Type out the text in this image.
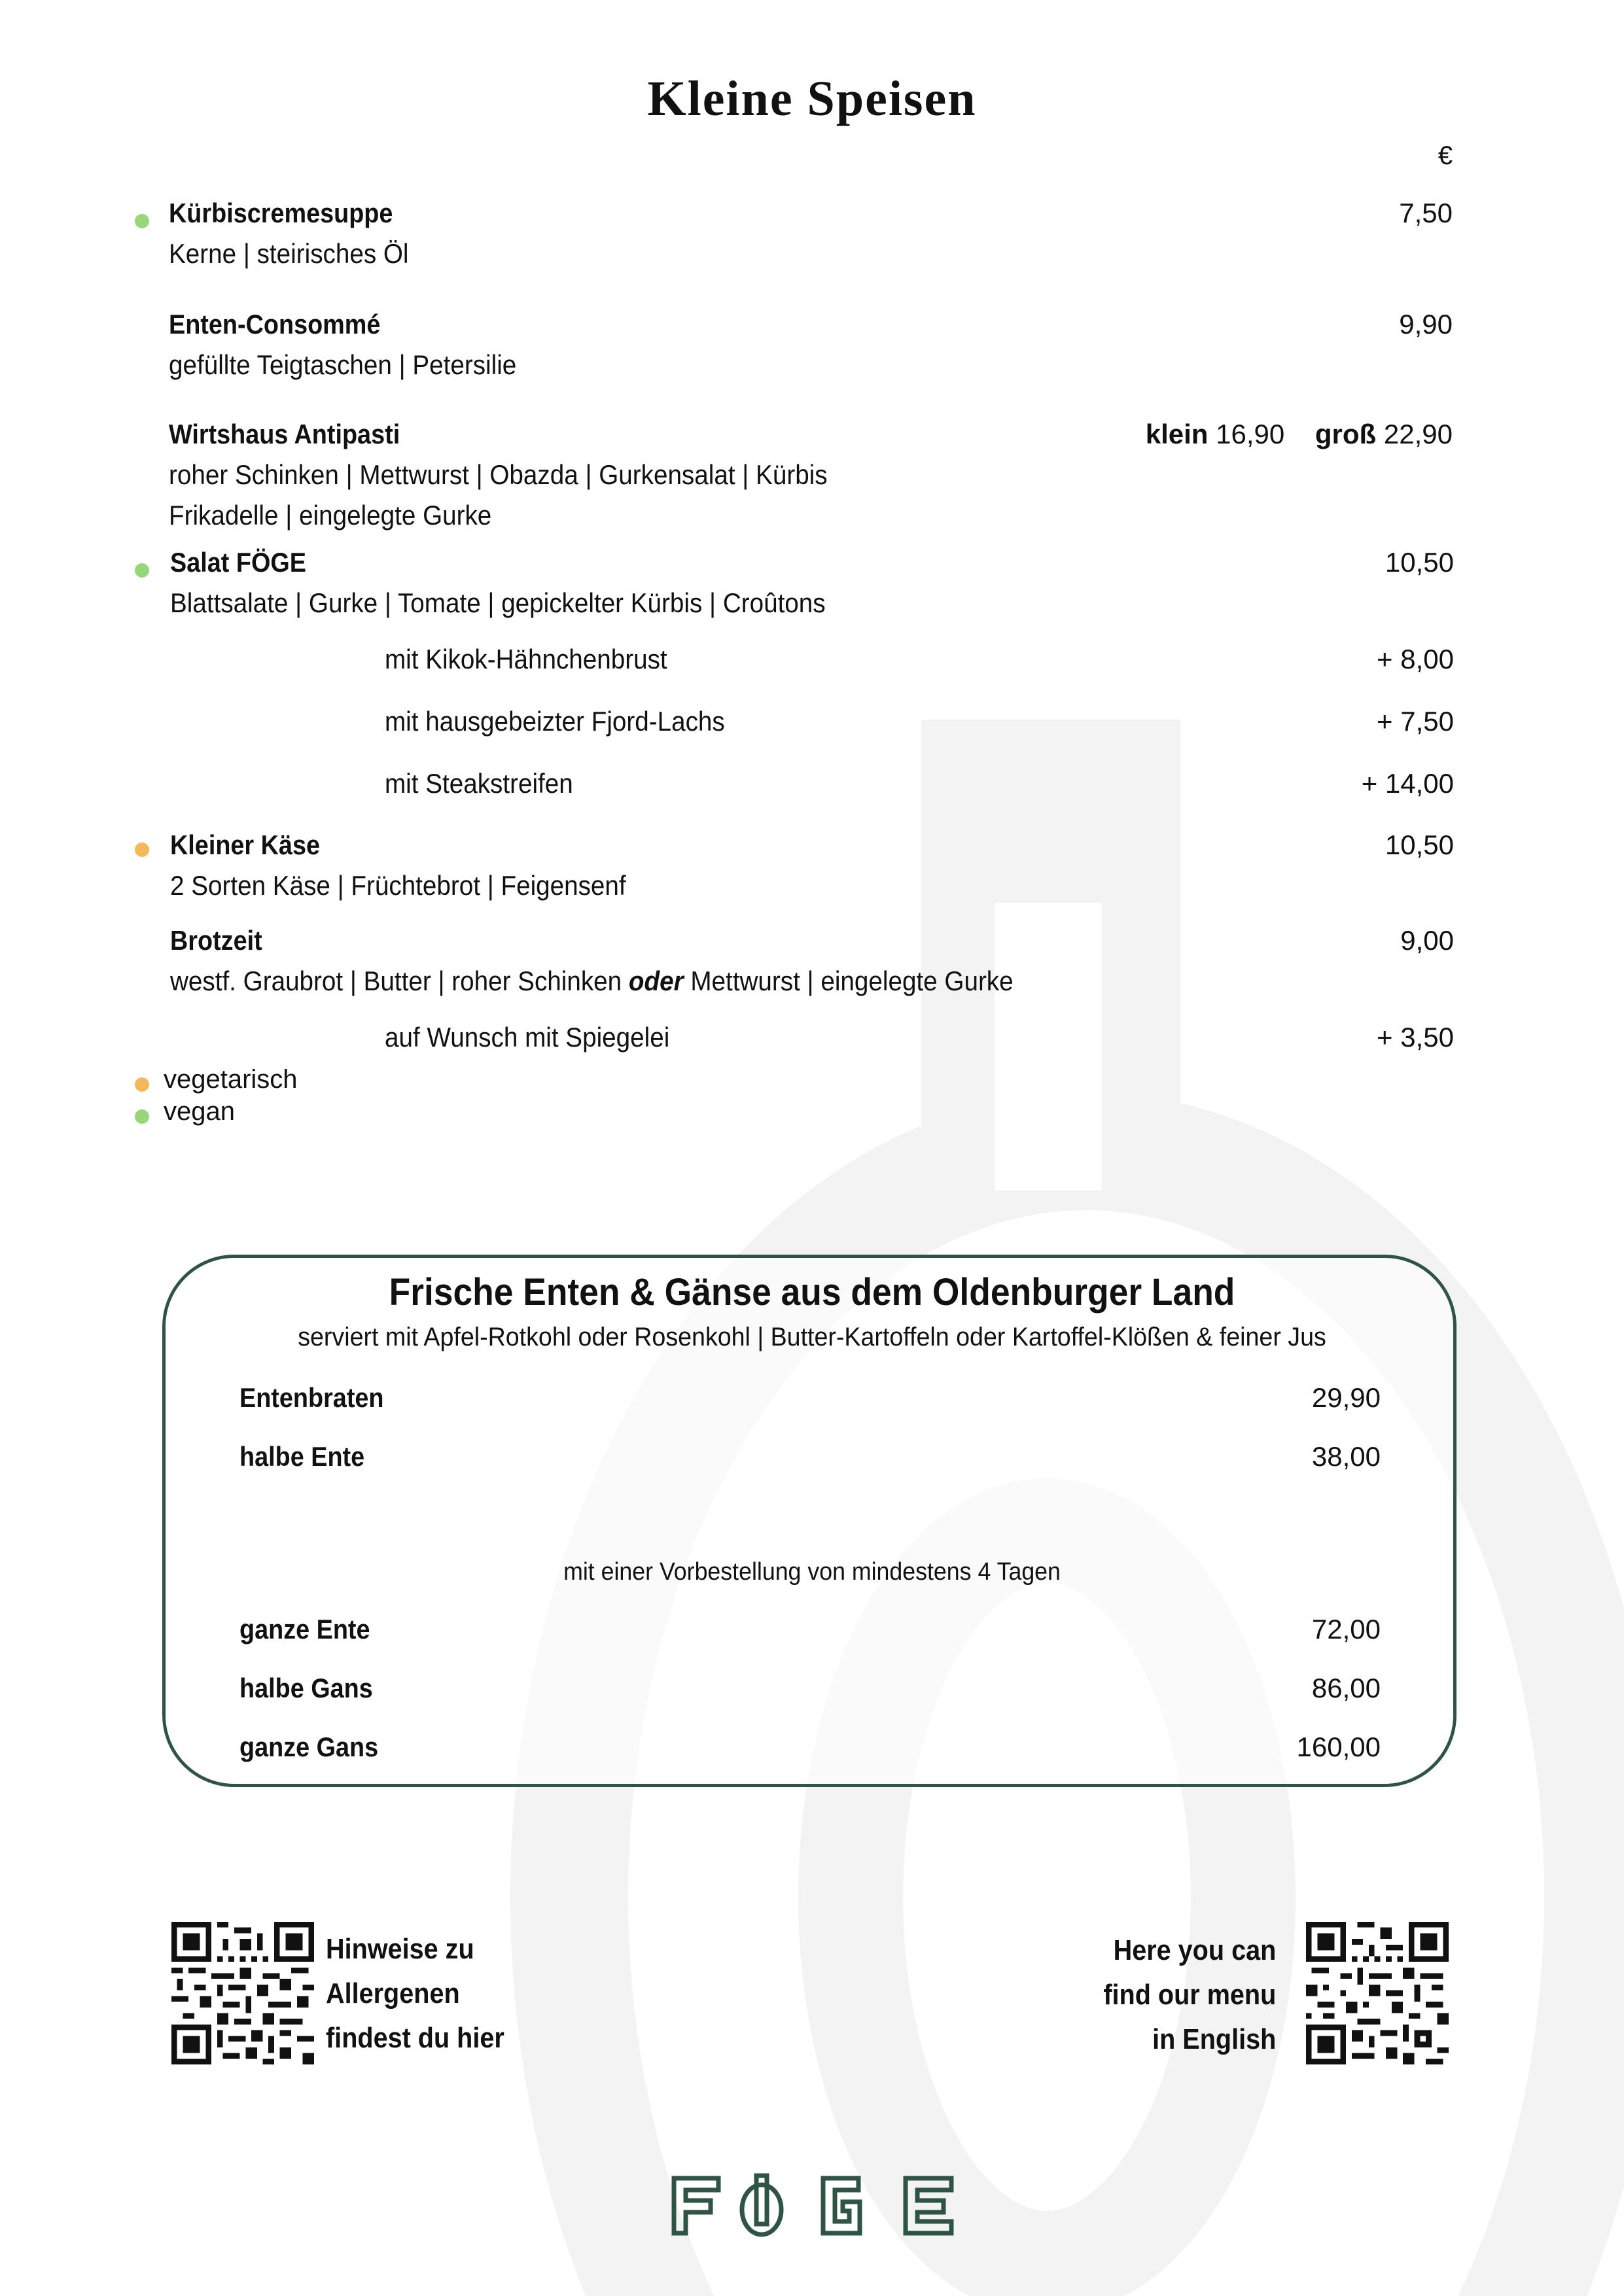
Kleine Speisen
€
Kürbiscremesuppe	7,50
Kerne | steirisches Öl
Enten-Consommé	9,90
gefüllte Teigtaschen | Petersilie
Wirtshaus Antipasti	klein 16,90 groß 22,90
roher Schinken | Mettwurst | Obazda | Gurkensalat | Kürbis
Frikadelle | eingelegte Gurke
Salat FÖGE	10,50
Blattsalate | Gurke | Tomate | gepickelter Kürbis | Croûtons
mit Kikok-Hähnchenbrust	+ 8,00
mit hausgebeizter Fjord-Lachs	+ 7,50
mit Steakstreifen	+ 14,00
Kleiner Käse	10,50
2 Sorten Käse | Früchtebrot | Feigensenf
Brotzeit	9,00
westf. Graubrot | Butter | roher Schinken oder Mettwurst | eingelegte Gurke
auf Wunsch mit Spiegelei	+ 3,50
vegetarisch
vegan
Frische Enten & Gänse aus dem Oldenburger Land
serviert mit Apfel-Rotkohl oder Rosenkohl | Butter-Kartoffeln oder Kartoffel-Klößen & feiner Jus
Entenbraten	29,90
halbe Ente	38,00
mit einer Vorbestellung von mindestens 4 Tagen
ganze Ente	72,00
halbe Gans	86,00
ganze Gans	160,00
Hinweise zu
Allergenen
findest du hier
Here you can
find our menu
in English
